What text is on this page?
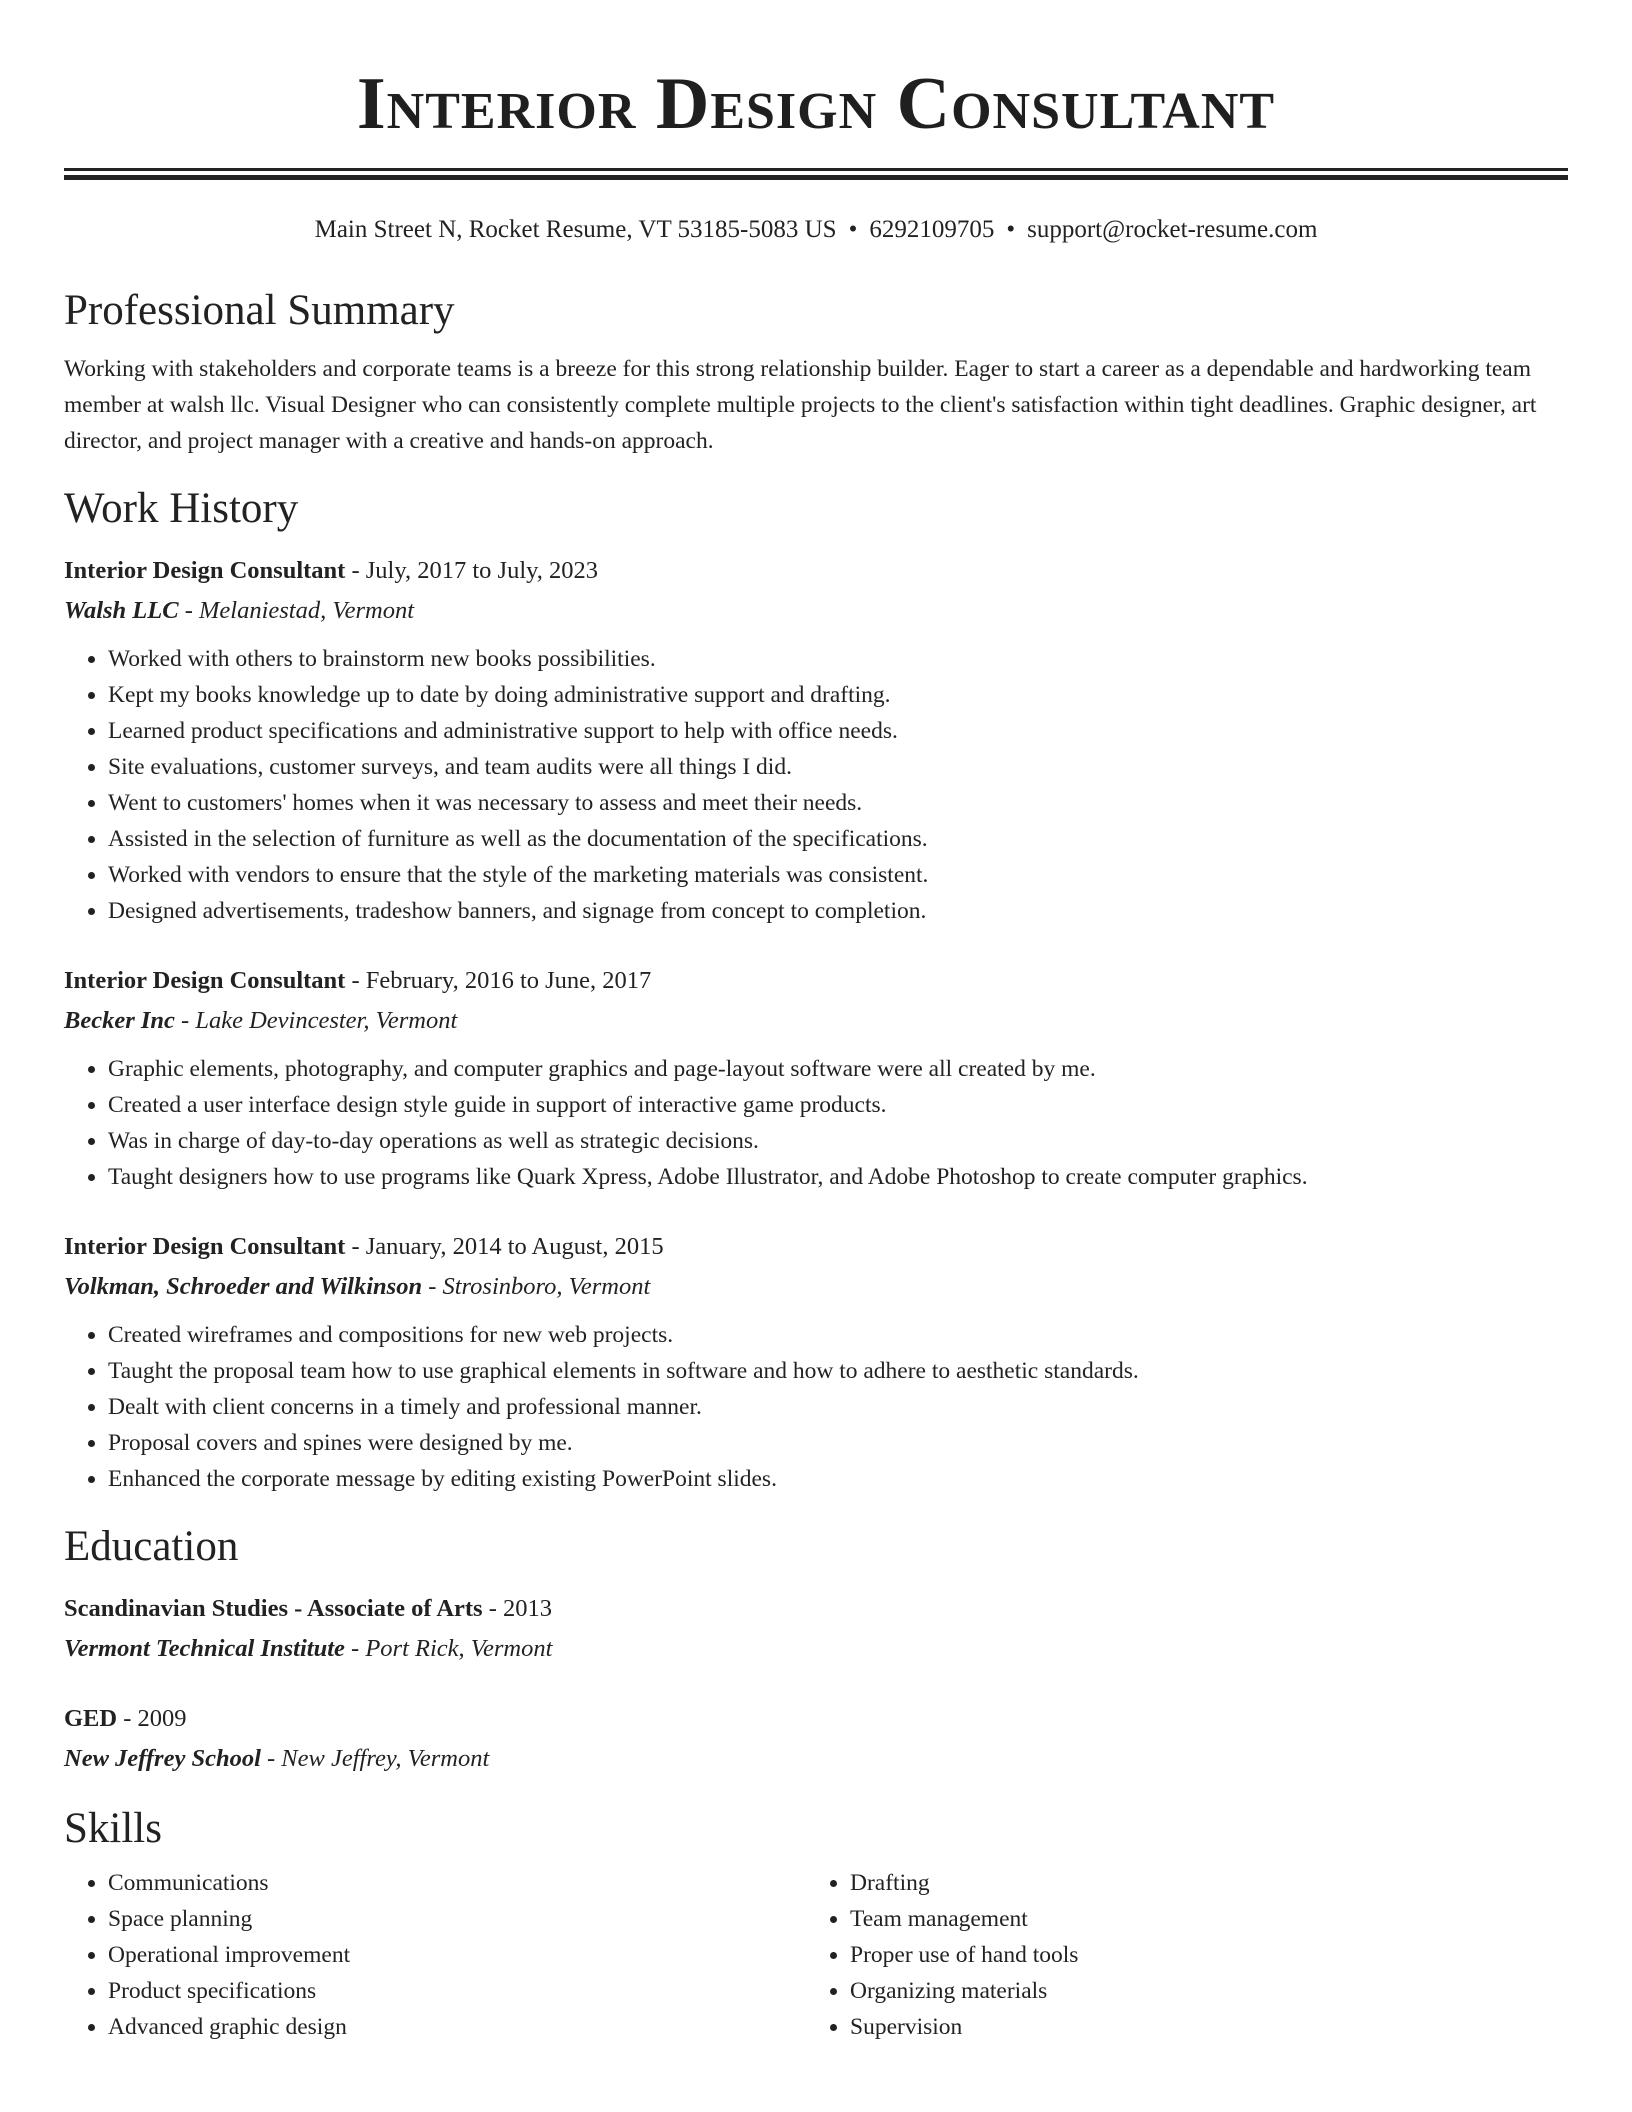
Interior Design Consultant
Main Street N, Rocket Resume, VT 53185-5083 US • 6292109705 • support@rocket-resume.com
Professional Summary

Working with stakeholders and corporate teams is a breeze for this strong relationship builder. Eager to start a career as a dependable and hardworking team member at walsh llc. Visual Designer who can consistently complete multiple projects to the client's satisfaction within tight deadlines. Graphic designer, art director, and project manager with a creative and hands-on approach.

Work History
Interior Design Consultant - July, 2017 to July, 2023
Walsh LLC - Melaniestad, Vermont
• Worked with others to brainstorm new books possibilities.
• Kept my books knowledge up to date by doing administrative support and drafting.
• Learned product specifications and administrative support to help with office needs.
• Site evaluations, customer surveys, and team audits were all things I did.
• Went to customers' homes when it was necessary to assess and meet their needs.
• Assisted in the selection of furniture as well as the documentation of the specifications.
• Worked with vendors to ensure that the style of the marketing materials was consistent.
• Designed advertisements, tradeshow banners, and signage from concept to completion.
Interior Design Consultant - February, 2016 to June, 2017
Becker Inc - Lake Devincester, Vermont
• Graphic elements, photography, and computer graphics and page-layout software were all created by me.
• Created a user interface design style guide in support of interactive game products.
• Was in charge of day-to-day operations as well as strategic decisions.
• Taught designers how to use programs like Quark Xpress, Adobe Illustrator, and Adobe Photoshop to create computer graphics.
Interior Design Consultant - January, 2014 to August, 2015
Volkman, Schroeder and Wilkinson - Strosinboro, Vermont
• Created wireframes and compositions for new web projects.
• Taught the proposal team how to use graphical elements in software and how to adhere to aesthetic standards.
• Dealt with client concerns in a timely and professional manner.
• Proposal covers and spines were designed by me.
• Enhanced the corporate message by editing existing PowerPoint slides.
Education
Scandinavian Studies - Associate of Arts - 2013
Vermont Technical Institute - Port Rick, Vermont
GED - 2009
New Jeffrey School - New Jeffrey, Vermont
Skills
• Communications
• Space planning
• Operational improvement
• Product specifications
• Advanced graphic design
• Drafting
• Team management
• Proper use of hand tools
• Organizing materials
• Supervision
